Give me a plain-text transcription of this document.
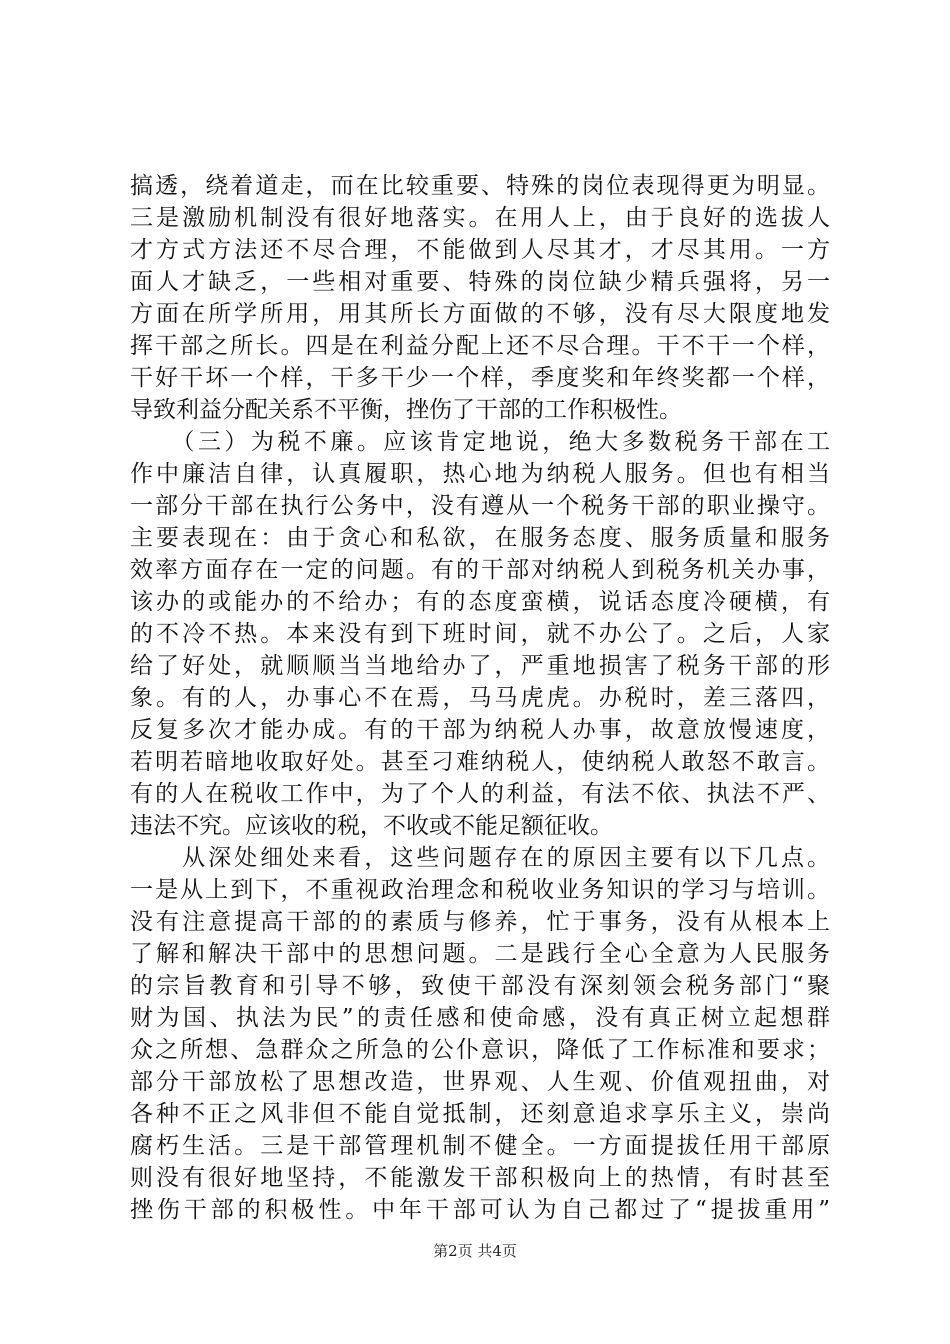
搞透，绕着道走，而在比较重要、特殊的岗位表现得更为明显。
三是激励机制没有很好地落实。在用人上，由于良好的选拔人
才方式方法还不尽合理，不能做到人尽其才，才尽其用。一方
面人才缺乏，一些相对重要、特殊的岗位缺少精兵强将，另一
方面在所学所用，用其所长方面做的不够，没有尽大限度地发
挥干部之所长。四是在利益分配上还不尽合理。干不干一个样，
干好干坏一个样，干多干少一个样，季度奖和年终奖都一个样，
导致利益分配关系不平衡，挫伤了干部的工作积极性。
　　（三）为税不廉。应该肯定地说，绝大多数税务干部在工
作中廉洁自律，认真履职，热心地为纳税人服务。但也有相当
一部分干部在执行公务中，没有遵从一个税务干部的职业操守。
主要表现在：由于贪心和私欲，在服务态度、服务质量和服务
效率方面存在一定的问题。有的干部对纳税人到税务机关办事，
该办的或能办的不给办；有的态度蛮横，说话态度冷硬横，有
的不冷不热。本来没有到下班时间，就不办公了。之后，人家
给了好处，就顺顺当当地给办了，严重地损害了税务干部的形
象。有的人，办事心不在焉，马马虎虎。办税时，差三落四，
反复多次才能办成。有的干部为纳税人办事，故意放慢速度，
若明若暗地收取好处。甚至刁难纳税人，使纳税人敢怒不敢言。
有的人在税收工作中，为了个人的利益，有法不依、执法不严、
违法不究。应该收的税，不收或不能足额征收。
　　从深处细处来看，这些问题存在的原因主要有以下几点。
一是从上到下，不重视政治理念和税收业务知识的学习与培训。
没有注意提高干部的的素质与修养，忙于事务，没有从根本上
了解和解决干部中的思想问题。二是践行全心全意为人民服务
的宗旨教育和引导不够，致使干部没有深刻领会税务部门“聚
财为国、执法为民”的责任感和使命感，没有真正树立起想群
众之所想、急群众之所急的公仆意识，降低了工作标准和要求；
部分干部放松了思想改造，世界观、人生观、价值观扭曲，对
各种不正之风非但不能自觉抵制，还刻意追求享乐主义，崇尚
腐朽生活。三是干部管理机制不健全。一方面提拔任用干部原
则没有很好地坚持，不能激发干部积极向上的热情，有时甚至
挫伤干部的积极性。中年干部可认为自己都过了“提拔重用”
第2页 共4页
